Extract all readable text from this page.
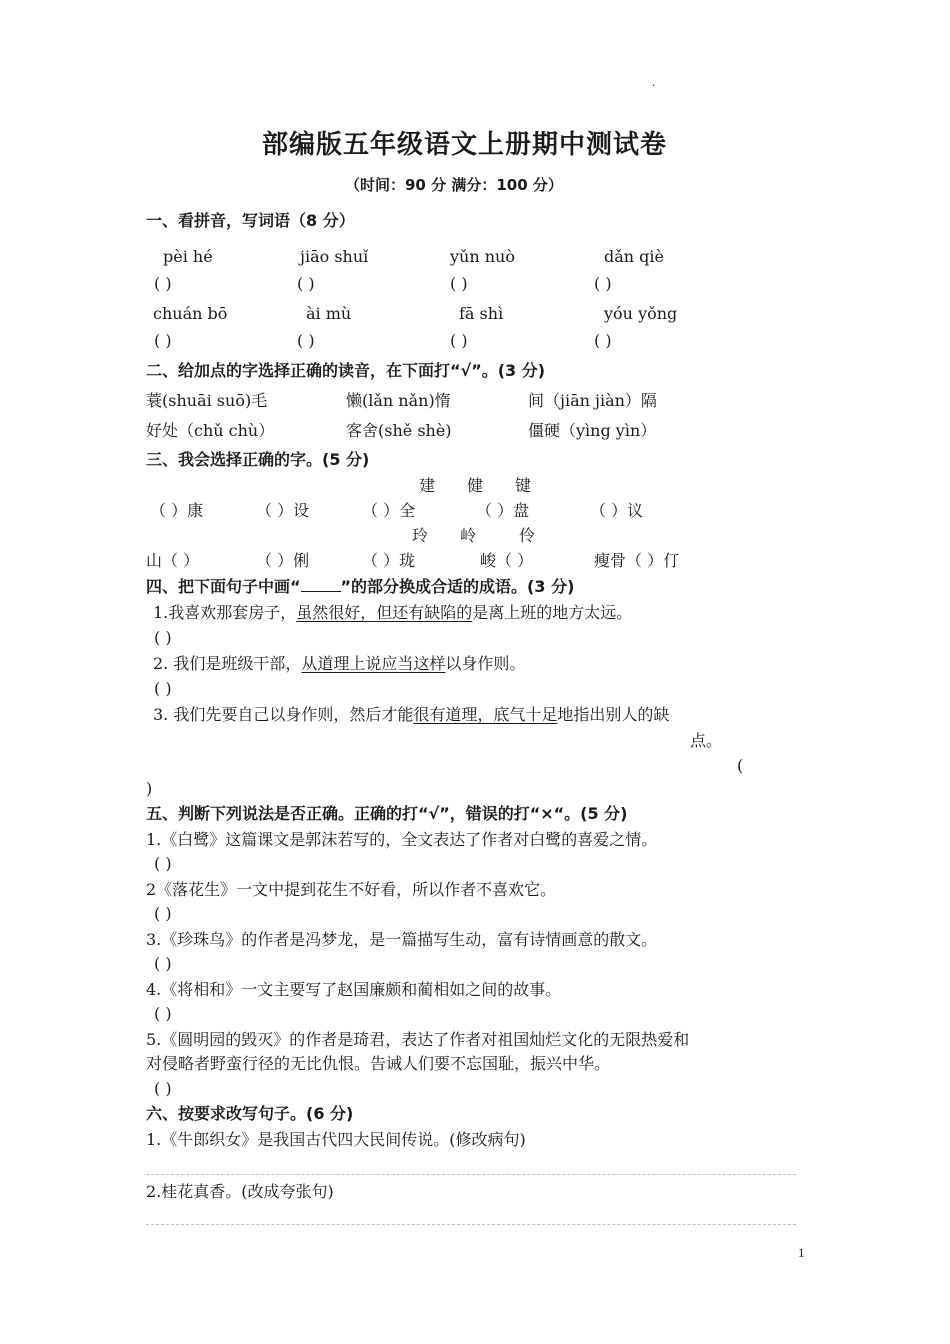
.
部编版五年级语文上册期中测试卷
（时间：90 分 满分：100 分）
一、看拼音，写词语（8 分）
pèi hé	jiāo shuǐ	yǔn nuò	dǎn qiè
( )	( )	( )	( )
chuán bō	ài mù	fā shì	yóu yǒng
( )	( )	( )	( )
二、给加点的字选择正确的读音，在下面打“√”。(3 分)
蓑(shuāi suō)毛	懒(lǎn nǎn)惰	间（jiān jiàn）隔
好处（chǔ chù）	客舍(shě shè)	僵硬（yìng yìn）
三、我会选择正确的字。(5 分)
建 健 键
（ ）康	（ ）设	（ ）全	（ ）盘	（ ）议
玲 岭	伶
山（ ）	（ ）俐	（ ）珑	峻（ ）	瘦骨（ ）仃
四、把下面句子中画“	”的部分换成合适的成语。(3 分)
1.我喜欢那套房子，虽然很好，但还有缺陷的是离上班的地方太远。
( )
2. 我们是班级干部，从道理上说应当这样以身作则。
( )
3. 我们先要自己以身作则，然后才能很有道理，底气十足地指出别人的缺
点。
(
)
五、判断下列说法是否正确。正确的打“√”，错误的打“×“。(5 分)
1.《白鹭》这篇课文是郭沫若写的，全文表达了作者对白鹭的喜爱之情。
( )
2《落花生》一文中提到花生不好看，所以作者不喜欢它。
( )
3.《珍珠鸟》的作者是冯梦龙，是一篇描写生动，富有诗情画意的散文。
( )
4.《将相和》一文主要写了赵国廉颇和蔺相如之间的故事。
( )
5.《圆明园的毁灭》的作者是琦君，表达了作者对祖国灿烂文化的无限热爱和
对侵略者野蛮行径的无比仇恨。告诫人们要不忘国耻，振兴中华。
( )
六、按要求改写句子。(6 分)
1.《牛郎织女》是我国古代四大民间传说。(修改病句)
2.桂花真香。(改成夸张句)
1
